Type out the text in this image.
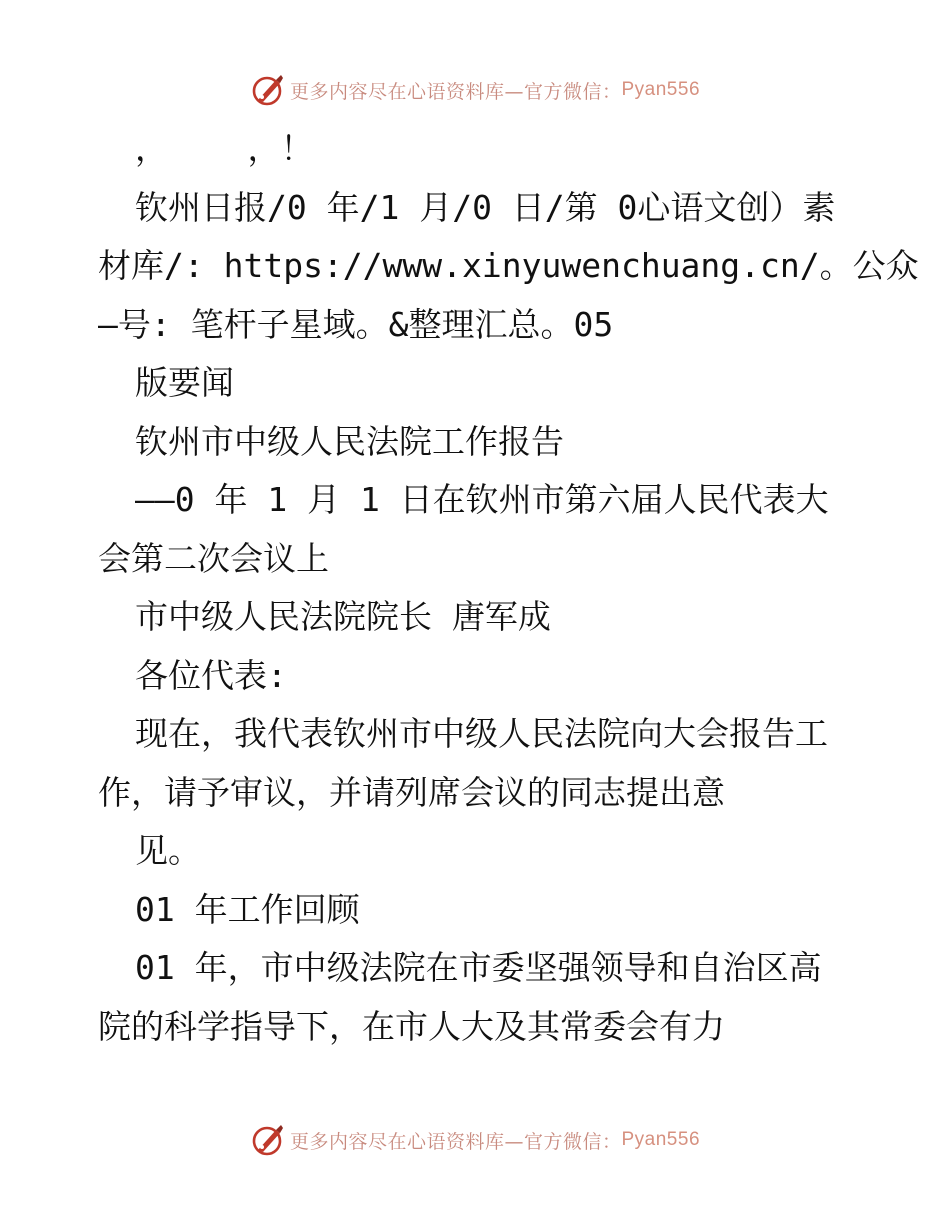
更多内容尽在心语资料库—官方微信： Pyan556
，    ，！
钦州日报/0 年/1 月/0 日/第 0心语文创）素
材库/: https://www.xinyuwenchuang.cn/。公众
—号: 笔杆子星域。&整理汇总。05
版要闻
钦州市中级人民法院工作报告
——0 年 1 月 1 日在钦州市第六届人民代表大
会第二次会议上
市中级人民法院院长 唐军成
各位代表:
现在，我代表钦州市中级人民法院向大会报告工
作，请予审议，并请列席会议的同志提出意
见。
01 年工作回顾
01 年，市中级法院在市委坚强领导和自治区高
院的科学指导下，在市人大及其常委会有力
更多内容尽在心语资料库—官方微信： Pyan556
